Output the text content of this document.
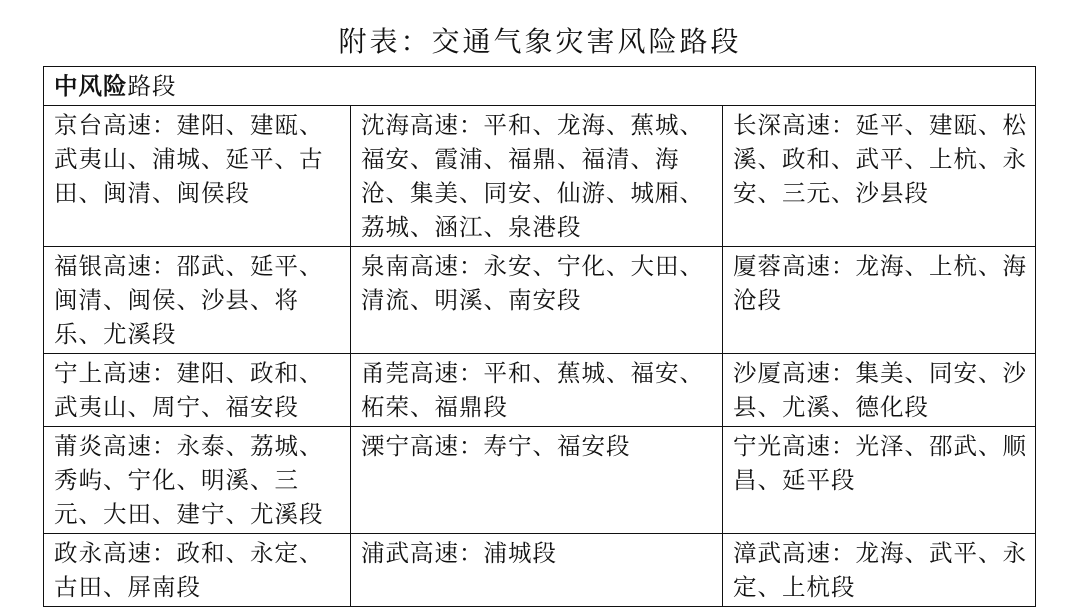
附表：交通气象灾害风险路段
中风险路段		
京台高速：建阳、建瓯、武夷山、浦城、延平、古田、闽清、闽侯段	沈海高速：平和、龙海、蕉城、福安、霞浦、福鼎、福清、海沧、集美、同安、仙游、城厢、荔城、涵江、泉港段	长深高速：延平、建瓯、松溪、政和、武平、上杭、永安、三元、沙县段
福银高速：邵武、延平、闽清、闽侯、沙县、将乐、尤溪段	泉南高速：永安、宁化、大田、清流、明溪、南安段	厦蓉高速：龙海、上杭、海沧段
宁上高速：建阳、政和、武夷山、周宁、福安段	甬莞高速：平和、蕉城、福安、柘荣、福鼎段	沙厦高速：集美、同安、沙县、尤溪、德化段
莆炎高速：永泰、荔城、秀屿、宁化、明溪、三元、大田、建宁、尤溪段	溧宁高速：寿宁、福安段	宁光高速：光泽、邵武、顺昌、延平段
政永高速：政和、永定、古田、屏南段	浦武高速：浦城段	漳武高速：龙海、武平、永定、上杭段
